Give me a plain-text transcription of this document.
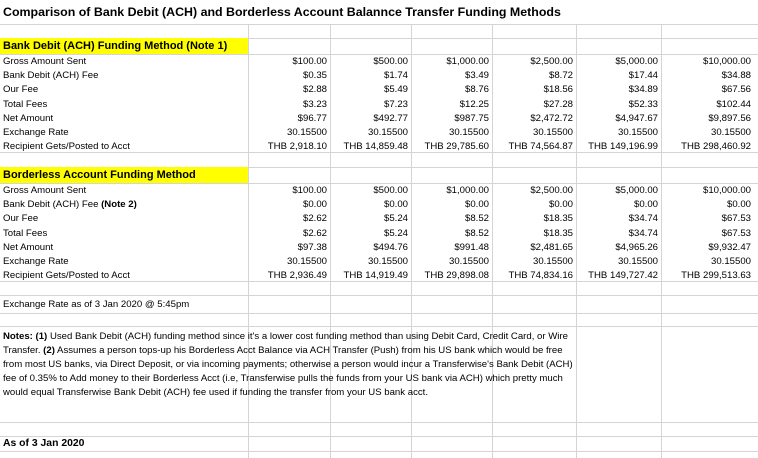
Comparison of Bank Debit (ACH) and Borderless Account Balannce Transfer Funding Methods
Bank Debit (ACH) Funding Method (Note 1)
Gross Amount Sent	$100.00	$500.00	$1,000.00	$2,500.00	$5,000.00	$10,000.00
Bank Debit (ACH) Fee	$0.35	$1.74	$3.49	$8.72	$17.44	$34.88
Our Fee	$2.88	$5.49	$8.76	$18.56	$34.89	$67.56
Total Fees	$3.23	$7.23	$12.25	$27.28	$52.33	$102.44
Net Amount	$96.77	$492.77	$987.75	$2,472.72	$4,947.67	$9,897.56
Exchange Rate	30.15500	30.15500	30.15500	30.15500	30.15500	30.15500
Recipient Gets/Posted to Acct	THB 2,918.10	THB 14,859.48	THB 29,785.60	THB 74,564.87	THB 149,196.99	THB 298,460.92
Borderless Account Funding Method
Gross Amount Sent	$100.00	$500.00	$1,000.00	$2,500.00	$5,000.00	$10,000.00
Bank Debit (ACH) Fee (Note 2)	$0.00	$0.00	$0.00	$0.00	$0.00	$0.00
Our Fee	$2.62	$5.24	$8.52	$18.35	$34.74	$67.53
Total Fees	$2.62	$5.24	$8.52	$18.35	$34.74	$67.53
Net Amount	$97.38	$494.76	$991.48	$2,481.65	$4,965.26	$9,932.47
Exchange Rate	30.15500	30.15500	30.15500	30.15500	30.15500	30.15500
Recipient Gets/Posted to Acct	THB 2,936.49	THB 14,919.49	THB 29,898.08	THB 74,834.16	THB 149,727.42	THB 299,513.63
Exchange Rate as of 3 Jan 2020 @ 5:45pm

Notes: (1) Used Bank Debit (ACH) funding method since it's a lower cost funding method than using Debit Card, Credit Card, or Wire Transfer. (2) Assumes a person tops-up his Borderless Acct Balance via ACH Transfer (Push) from his US bank which would be free from most US banks, via Direct Deposit, or via incoming payments; otherwise a person would incur a Transferwise's Bank Debit (ACH) fee of 0.35% to Add money to their Borderless Acct (i.e, Transferwise pulls the funds from your US bank via ACH) which pretty much would equal Transferwise Bank Debit (ACH) fee used if funding the transfer from your US bank acct.

As of 3 Jan 2020
